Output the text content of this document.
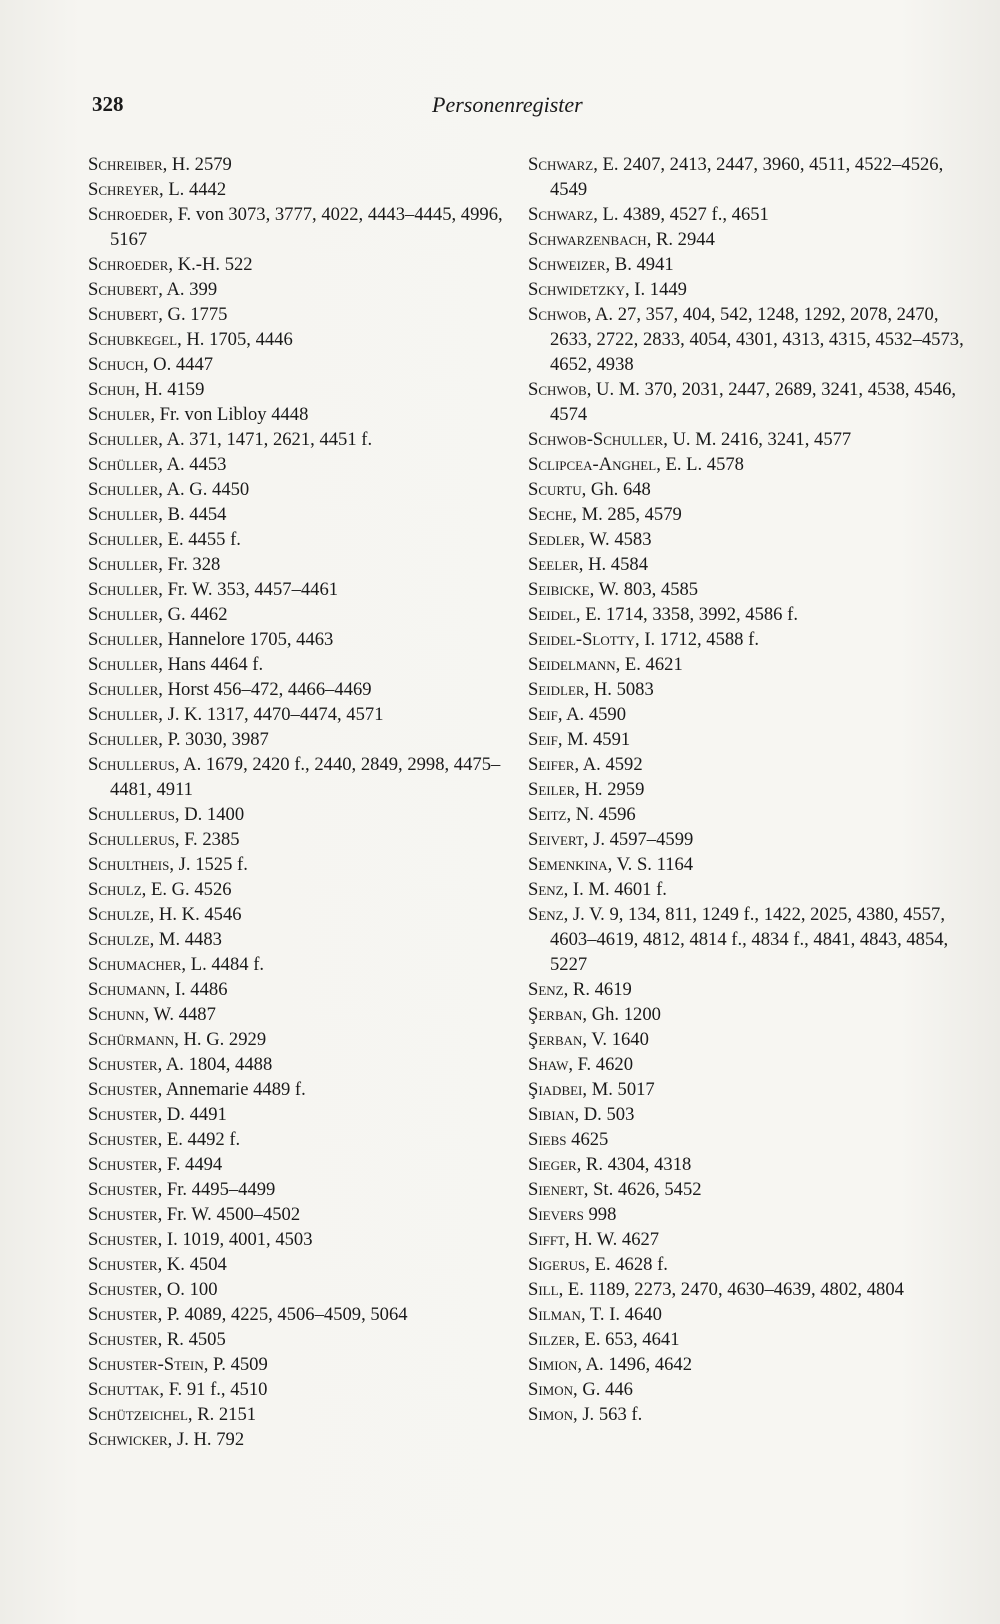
328	Personenregister
Schreiber, H. 2579
Schreyer, L. 4442
Schroeder, F. von 3073, 3777, 4022, 4443–4445, 4996, 5167
Schroeder, K.-H. 522
Schubert, A. 399
Schubert, G. 1775
Schubkegel, H. 1705, 4446
Schuch, O. 4447
Schuh, H. 4159
Schuler, Fr. von Libloy 4448
Schuller, A. 371, 1471, 2621, 4451 f.
Schüller, A. 4453
Schuller, A. G. 4450
Schuller, B. 4454
Schuller, E. 4455 f.
Schuller, Fr. 328
Schuller, Fr. W. 353, 4457–4461
Schuller, G. 4462
Schuller, Hannelore 1705, 4463
Schuller, Hans 4464 f.
Schuller, Horst 456–472, 4466–4469
Schuller, J. K. 1317, 4470–4474, 4571
Schuller, P. 3030, 3987
Schullerus, A. 1679, 2420 f., 2440, 2849, 2998, 4475–4481, 4911
Schullerus, D. 1400
Schullerus, F. 2385
Schultheis, J. 1525 f.
Schulz, E. G. 4526
Schulze, H. K. 4546
Schulze, M. 4483
Schumacher, L. 4484 f.
Schumann, I. 4486
Schunn, W. 4487
Schürmann, H. G. 2929
Schuster, A. 1804, 4488
Schuster, Annemarie 4489 f.
Schuster, D. 4491
Schuster, E. 4492 f.
Schuster, F. 4494
Schuster, Fr. 4495–4499
Schuster, Fr. W. 4500–4502
Schuster, I. 1019, 4001, 4503
Schuster, K. 4504
Schuster, O. 100
Schuster, P. 4089, 4225, 4506–4509, 5064
Schuster, R. 4505
Schuster-Stein, P. 4509
Schuttak, F. 91 f., 4510
Schützeichel, R. 2151
Schwicker, J. H. 792
Schwarz, E. 2407, 2413, 2447, 3960, 4511, 4522–4526, 4549
Schwarz, L. 4389, 4527 f., 4651
Schwarzenbach, R. 2944
Schweizer, B. 4941
Schwidetzky, I. 1449
Schwob, A. 27, 357, 404, 542, 1248, 1292, 2078, 2470, 2633, 2722, 2833, 4054, 4301, 4313, 4315, 4532–4573, 4652, 4938
Schwob, U. M. 370, 2031, 2447, 2689, 3241, 4538, 4546, 4574
Schwob-Schuller, U. M. 2416, 3241, 4577
Sclipcea-Anghel, E. L. 4578
Scurtu, Gh. 648
Seche, M. 285, 4579
Sedler, W. 4583
Seeler, H. 4584
Seibicke, W. 803, 4585
Seidel, E. 1714, 3358, 3992, 4586 f.
Seidel-Slotty, I. 1712, 4588 f.
Seidelmann, E. 4621
Seidler, H. 5083
Seif, A. 4590
Seif, M. 4591
Seifer, A. 4592
Seiler, H. 2959
Seitz, N. 4596
Seivert, J. 4597–4599
Semenkina, V. S. 1164
Senz, I. M. 4601 f.
Senz, J. V. 9, 134, 811, 1249 f., 1422, 2025, 4380, 4557, 4603–4619, 4812, 4814 f., 4834 f., 4841, 4843, 4854, 5227
Senz, R. 4619
Şerban, Gh. 1200
Şerban, V. 1640
Shaw, F. 4620
Şiadbei, M. 5017
Sibian, D. 503
Siebs 4625
Sieger, R. 4304, 4318
Sienert, St. 4626, 5452
Sievers 998
Sifft, H. W. 4627
Sigerus, E. 4628 f.
Sill, E. 1189, 2273, 2470, 4630–4639, 4802, 4804
Silman, T. I. 4640
Silzer, E. 653, 4641
Simion, A. 1496, 4642
Simon, G. 446
Simon, J. 563 f.
